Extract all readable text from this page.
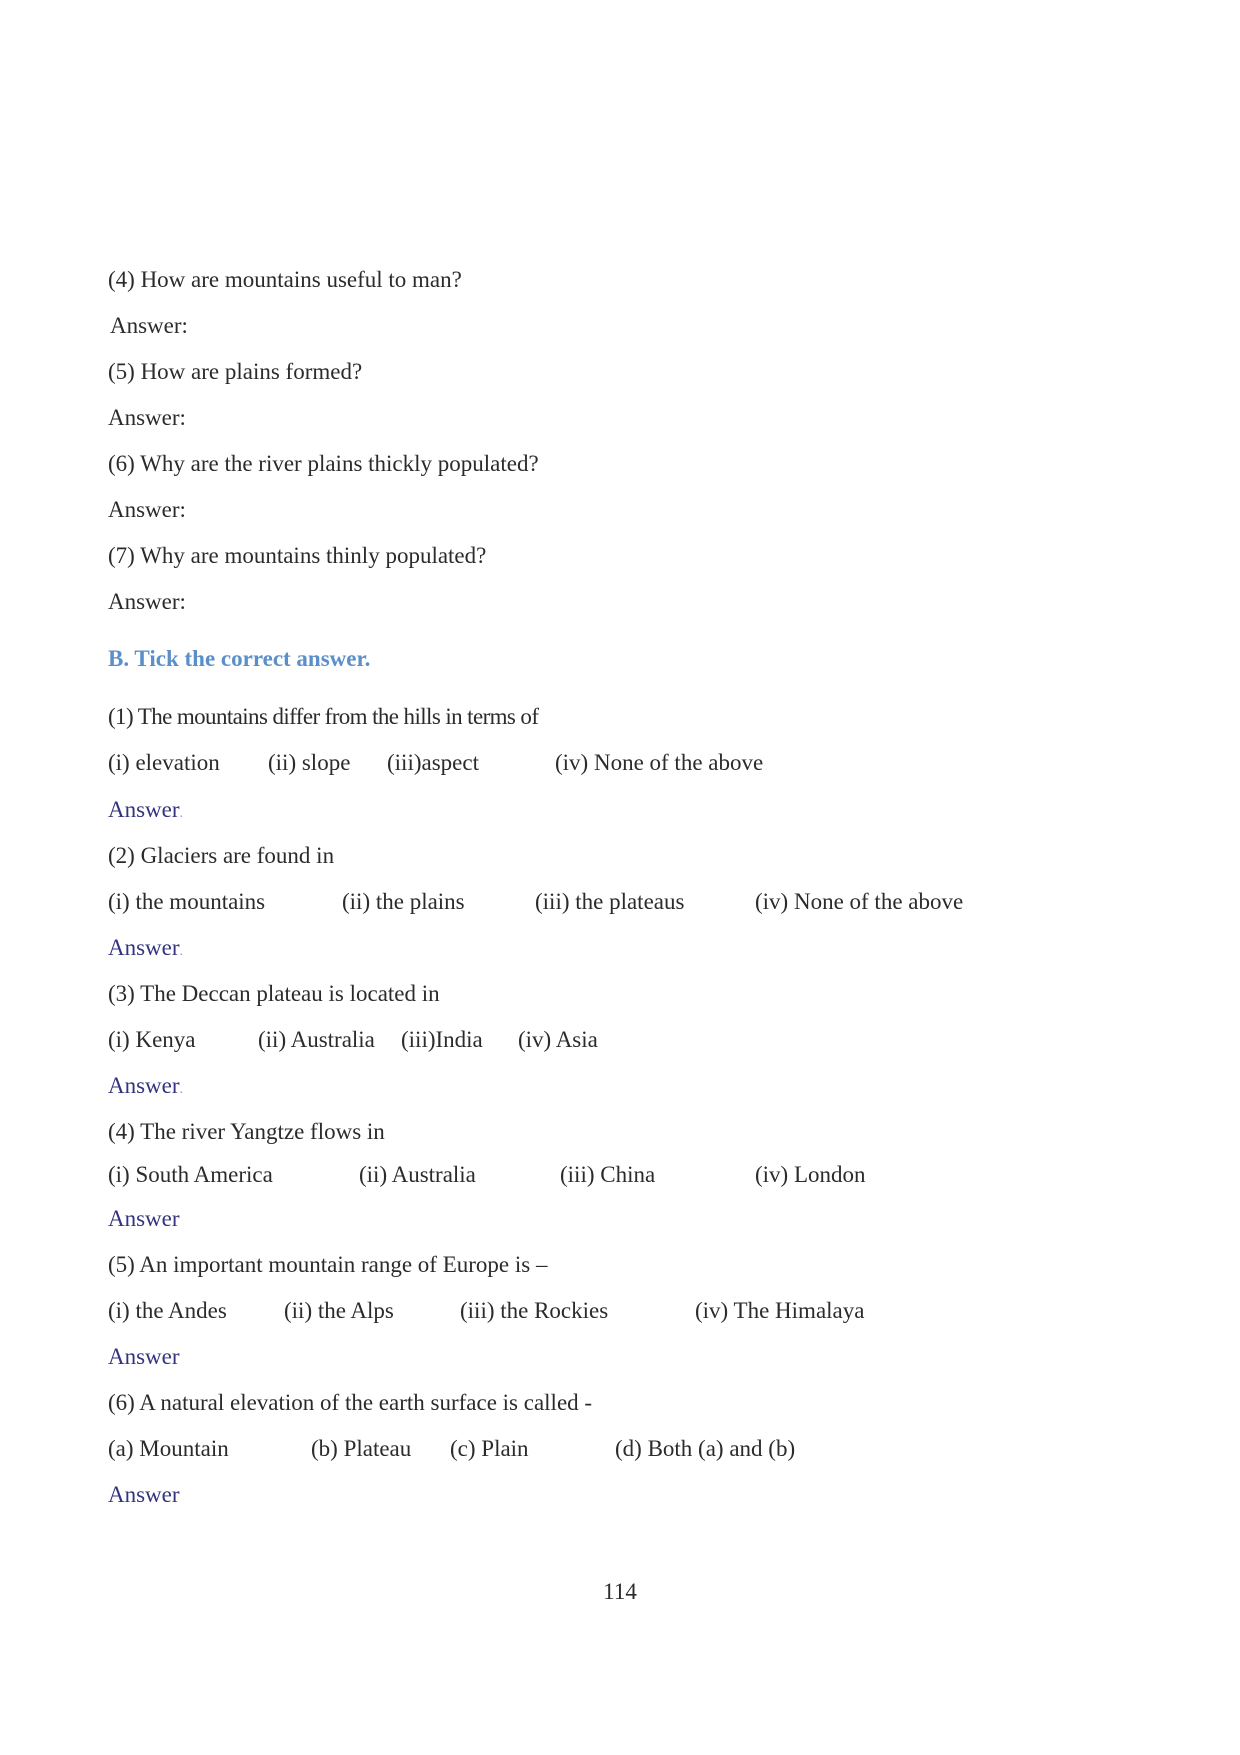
(4) How are mountains useful to man?
Answer:
(5) How are plains formed?
Answer:
(6) Why are the river plains thickly populated?
Answer:
(7) Why are mountains thinly populated?
Answer:
B. Tick the correct answer.
(1) The mountains differ from the hills in terms of
(i) elevation (ii) slope (iii)aspect	(iv) None of the above
Answer.
(2) Glaciers are found in
(i) the mountains	(ii) the plains	(iii) the plateaus	(iv) None of the above
Answer.
(3) The Deccan plateau is located in
(i) Kenya	(ii) Australia (iii)India (iv) Asia
Answer.
(4) The river Yangtze flows in
(i) South America	(ii) Australia	(iii) China	(iv) London
Answer
(5) An important mountain range of Europe is –
(i) the Andes (ii) the Alps	(iii) the Rockies	(iv) The Himalaya
Answer
(6) A natural elevation of the earth surface is called -
(a) Mountain	(b) Plateau (c) Plain	(d) Both (a) and (b)
Answer
114
